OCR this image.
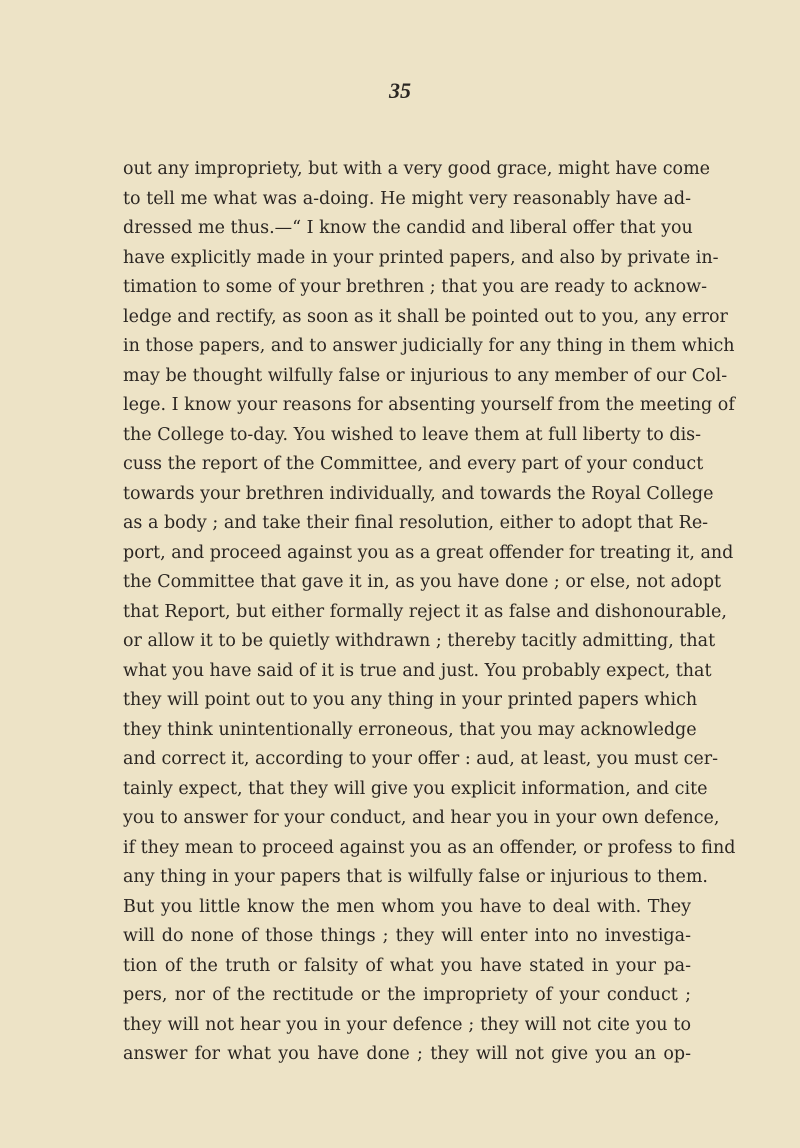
35
out any impropriety, but with a very good grace, might have come
to tell me what was a-doing. He might very reasonably have ad-
dressed me thus.—“ I know the candid and liberal offer that you
have explicitly made in your printed papers, and also by private in-
timation to some of your brethren ; that you are ready to acknow-
ledge and rectify, as soon as it shall be pointed out to you, any error
in those papers, and to answer judicially for any thing in them which
may be thought wilfully false or injurious to any member of our Col-
lege. I know your reasons for absenting yourself from the meeting of
the College to-day. You wished to leave them at full liberty to dis-
cuss the report of the Committee, and every part of your conduct
towards your brethren individually, and towards the Royal College
as a body ; and take their final resolution, either to adopt that Re-
port, and proceed against you as a great offender for treating it, and
the Committee that gave it in, as you have done ; or else, not adopt
that Report, but either formally reject it as false and dishonourable,
or allow it to be quietly withdrawn ; thereby tacitly admitting, that
what you have said of it is true and just. You probably expect, that
they will point out to you any thing in your printed papers which
they think unintentionally erroneous, that you may acknowledge
and correct it, according to your offer : aud, at least, you must cer-
tainly expect, that they will give you explicit information, and cite
you to answer for your conduct, and hear you in your own defence,
if they mean to proceed against you as an offender, or profess to find
any thing in your papers that is wilfully false or injurious to them.
But you little know the men whom you have to deal with. They
will do none of those things ; they will enter into no investiga-
tion of the truth or falsity of what you have stated in your pa-
pers, nor of the rectitude or the impropriety of your conduct ;
they will not hear you in your defence ; they will not cite you to
answer for what you have done ; they will not give you an op-
